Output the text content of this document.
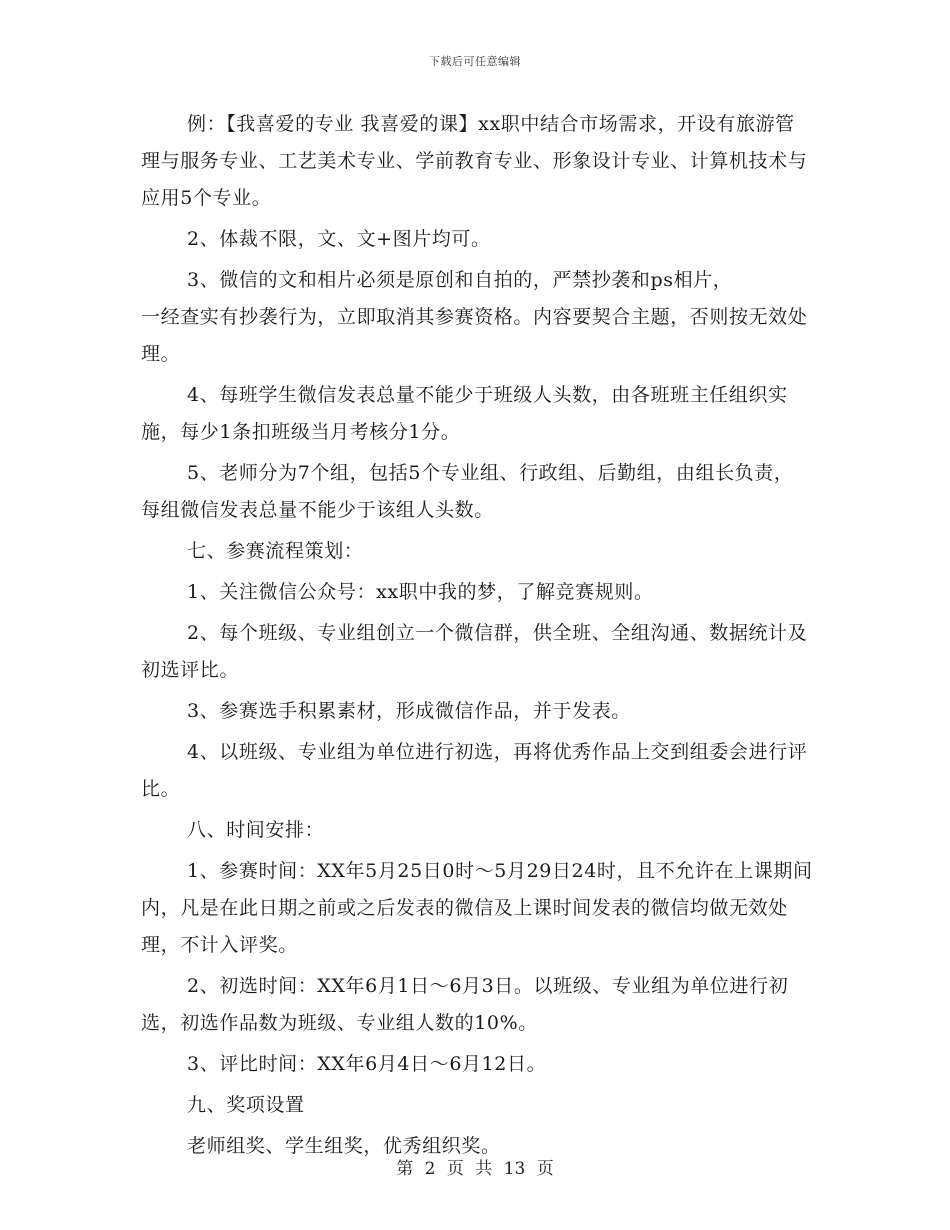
下载后可任意编辑

例：【我喜爱的专业 我喜爱的课】xx职中结合市场需求，开设有旅游管理与服务专业、工艺美术专业、学前教育专业、形象设计专业、计算机技术与应用5个专业。

2、体裁不限，文、文+图片均可。

3、微信的文和相片必须是原创和自拍的，严禁抄袭和ps相片，
一经查实有抄袭行为，立即取消其参赛资格。内容要契合主题，否则按无效处理。

4、每班学生微信发表总量不能少于班级人头数，由各班班主任组织实施，每少1条扣班级当月考核分1分。

5、老师分为7个组，包括5个专业组、行政组、后勤组，由组长负责，每组微信发表总量不能少于该组人头数。

七、参赛流程策划：

1、关注微信公众号：xx职中我的梦，了解竞赛规则。

2、每个班级、专业组创立一个微信群，供全班、全组沟通、数据统计及初选评比。

3、参赛选手积累素材，形成微信作品，并于发表。

4、以班级、专业组为单位进行初选，再将优秀作品上交到组委会进行评比。

八、时间安排：

1、参赛时间：XX年5月25日0时～5月29日24时，且不允许在上课期间内，凡是在此日期之前或之后发表的微信及上课时间发表的微信均做无效处理，不计入评奖。

2、初选时间：XX年6月1日～6月3日。以班级、专业组为单位进行初选，初选作品数为班级、专业组人数的10%。

3、评比时间：XX年6月4日～6月12日。

九、奖项设置

老师组奖、学生组奖，优秀组织奖。

第 2 页 共 13 页
